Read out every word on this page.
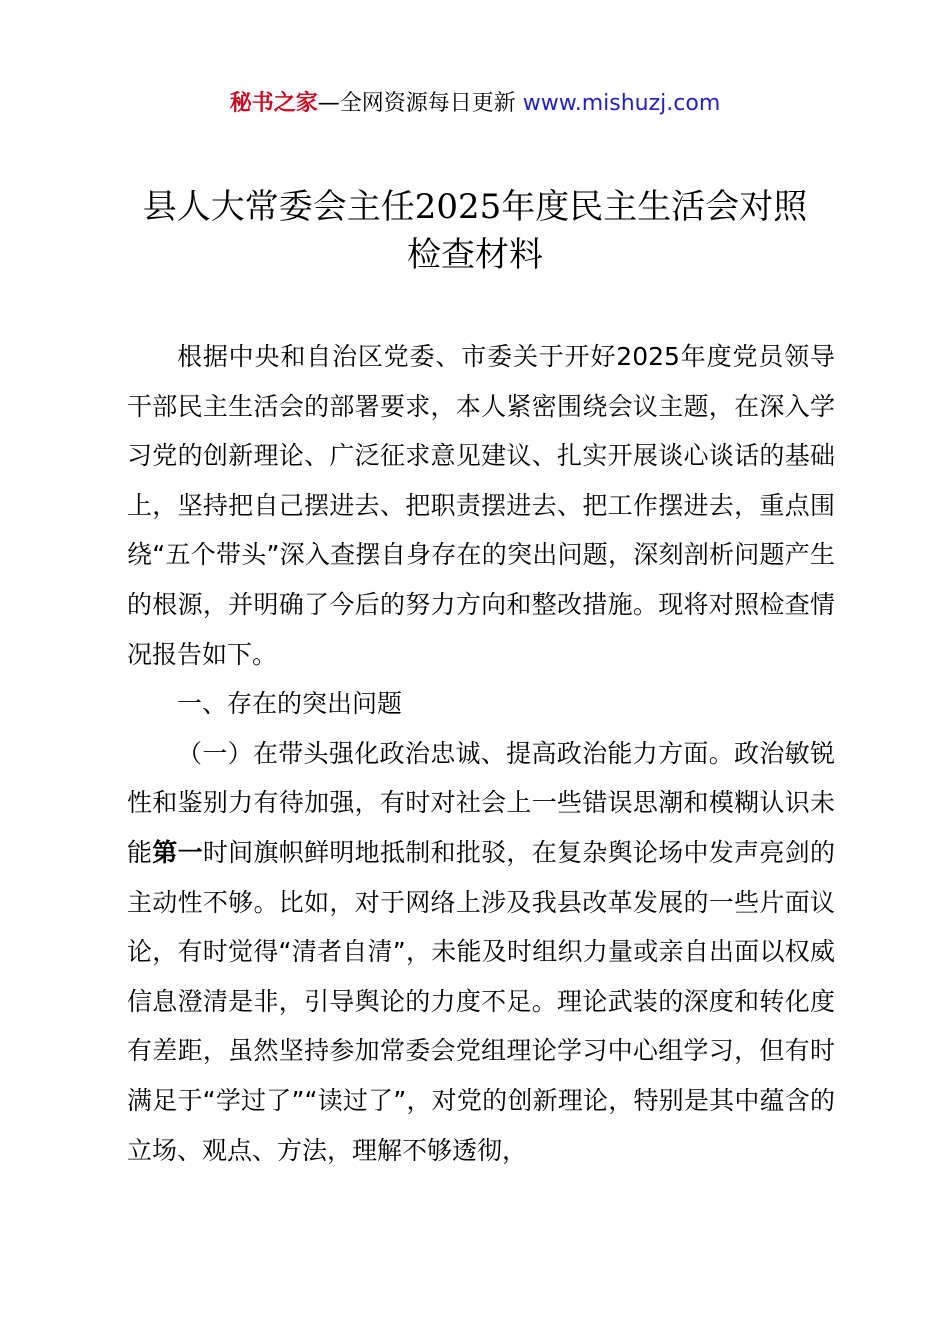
秘书之家—全网资源每日更新 www.mishuzj.com
县人大常委会主任2025年度民主生活会对照
检查材料

根据中央和自治区党委、市委关于开好2025年度党员领导干部民主生活会的部署要求，本人紧密围绕会议主题，在深入学习党的创新理论、广泛征求意见建议、扎实开展谈心谈话的基础上，坚持把自己摆进去、把职责摆进去、把工作摆进去，重点围绕“五个带头”深入查摆自身存在的突出问题，深刻剖析问题产生的根源，并明确了今后的努力方向和整改措施。现将对照检查情况报告如下。

一、存在的突出问题

（一）在带头强化政治忠诚、提高政治能力方面。政治敏锐性和鉴别力有待加强，有时对社会上一些错误思潮和模糊认识未能第一时间旗帜鲜明地抵制和批驳，在复杂舆论场中发声亮剑的主动性不够。比如，对于网络上涉及我县改革发展的一些片面议论，有时觉得“清者自清”，未能及时组织力量或亲自出面以权威信息澄清是非，引导舆论的力度不足。理论武装的深度和转化度有差距，虽然坚持参加常委会党组理论学习中心组学习，但有时满足于“学过了”“读过了”，对党的创新理论，特别是其中蕴含的立场、观点、方法，理解不够透彻，
